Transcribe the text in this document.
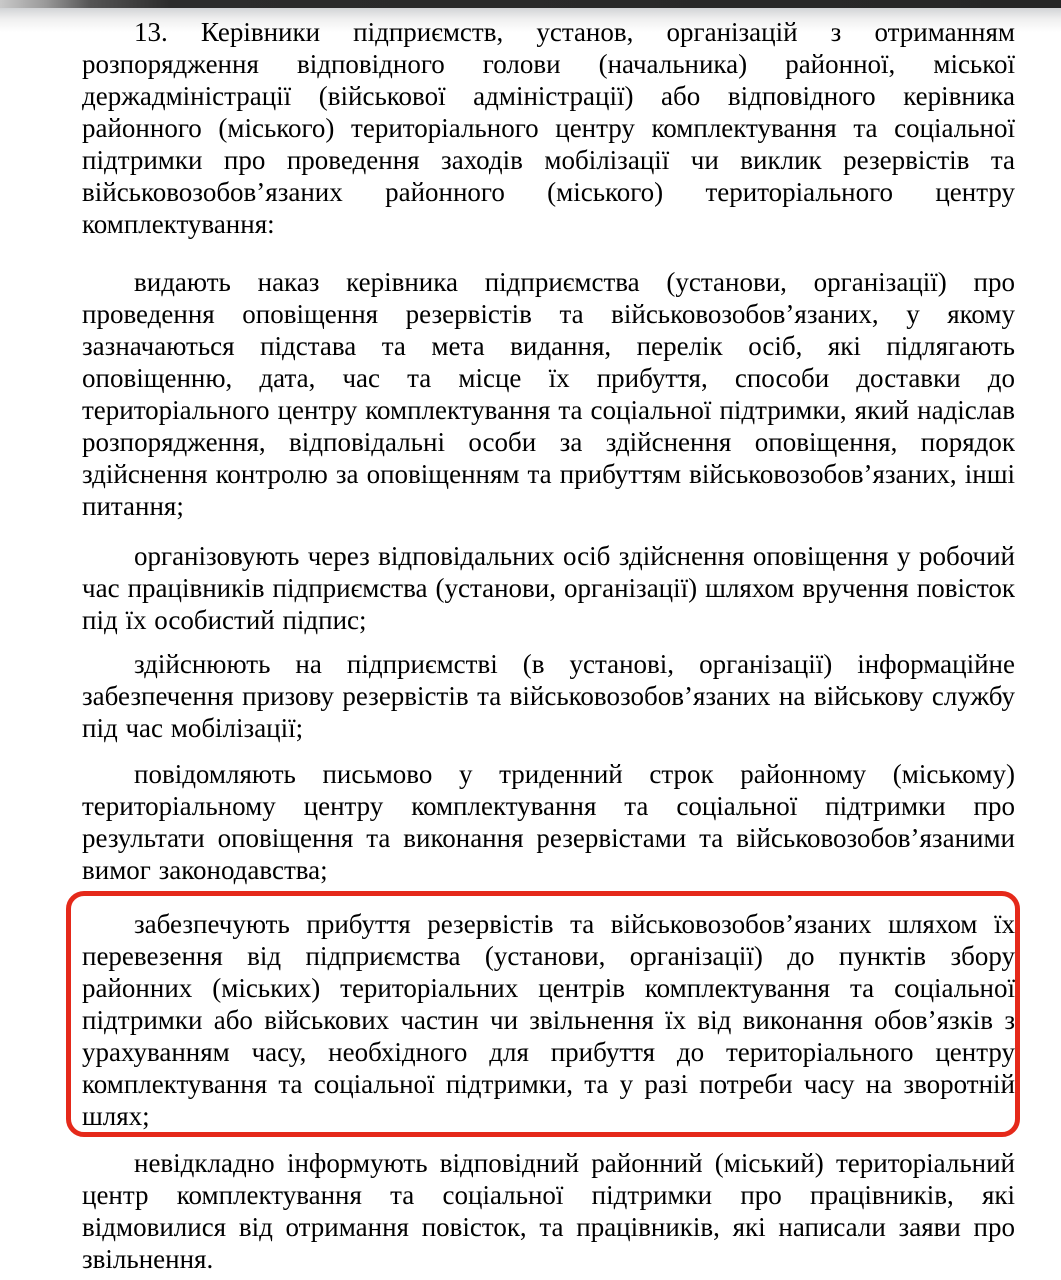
13. Керівники підприємств, установ, організацій з отриманням розпорядження відповідного голови (начальника) районної, міської держадміністрації (військової адміністрації) або відповідного керівника районного (міського) територіального центру комплектування та соціальної підтримки про проведення заходів мобілізації чи виклик резервістів та військовозобов’язаних районного (міського) територіального центру комплектування:

видають наказ керівника підприємства (установи, організації) про проведення оповіщення резервістів та військовозобов’язаних, у якому зазначаються підстава та мета видання, перелік осіб, які підлягають оповіщенню, дата, час та місце їх прибуття, способи доставки до територіального центру комплектування та соціальної підтримки, який надіслав розпорядження, відповідальні особи за здійснення оповіщення, порядок здійснення контролю за оповіщенням та прибуттям військовозобов’язаних, інші питання;

організовують через відповідальних осіб здійснення оповіщення у робочий час працівників підприємства (установи, організації) шляхом вручення повісток під їх особистий підпис;

здійснюють на підприємстві (в установі, організації) інформаційне забезпечення призову резервістів та військовозобов’язаних на військову службу під час мобілізації;

повідомляють письмово у триденний строк районному (міському) територіальному центру комплектування та соціальної підтримки про результати оповіщення та виконання резервістами та військовозобов’язаними вимог законодавства;

забезпечують прибуття резервістів та військовозобов’язаних шляхом їх перевезення від підприємства (установи, організації) до пунктів збору районних (міських) територіальних центрів комплектування та соціальної підтримки або військових частин чи звільнення їх від виконання обов’язків з урахуванням часу, необхідного для прибуття до територіального центру комплектування та соціальної підтримки, та у разі потреби часу на зворотній шлях;

невідкладно інформують відповідний районний (міський) територіальний центр комплектування та соціальної підтримки про працівників, які відмовилися від отримання повісток, та працівників, які написали заяви про звільнення.
